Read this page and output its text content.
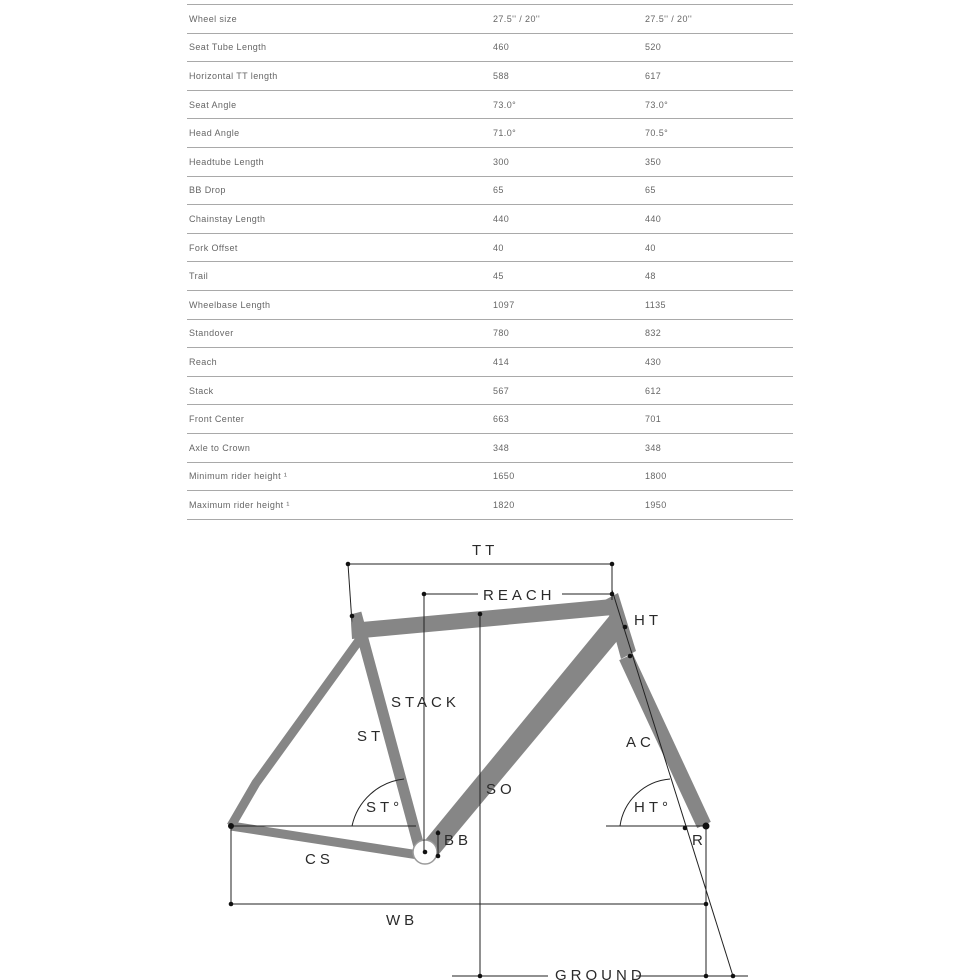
Wheel size	27.5'' / 20''	27.5'' / 20''
Seat Tube Length	460	520
Horizontal TT length	588	617
Seat Angle	73.0°	73.0°
Head Angle	71.0°	70.5°
Headtube Length	300	350
BB Drop	65	65
Chainstay Length	440	440
Fork Offset	40	40
Trail	45	48
Wheelbase Length	1097	1135
Standover	780	832
Reach	414	430
Stack	567	612
Front Center	663	701
Axle to Crown	348	348
Minimum rider height ¹	1650	1800
Maximum rider height ¹	1820	1950
TT
REACH
HT
STACK
ST	AC
SO
ST°	HT°
BB
CS
R
WB
GROUND
